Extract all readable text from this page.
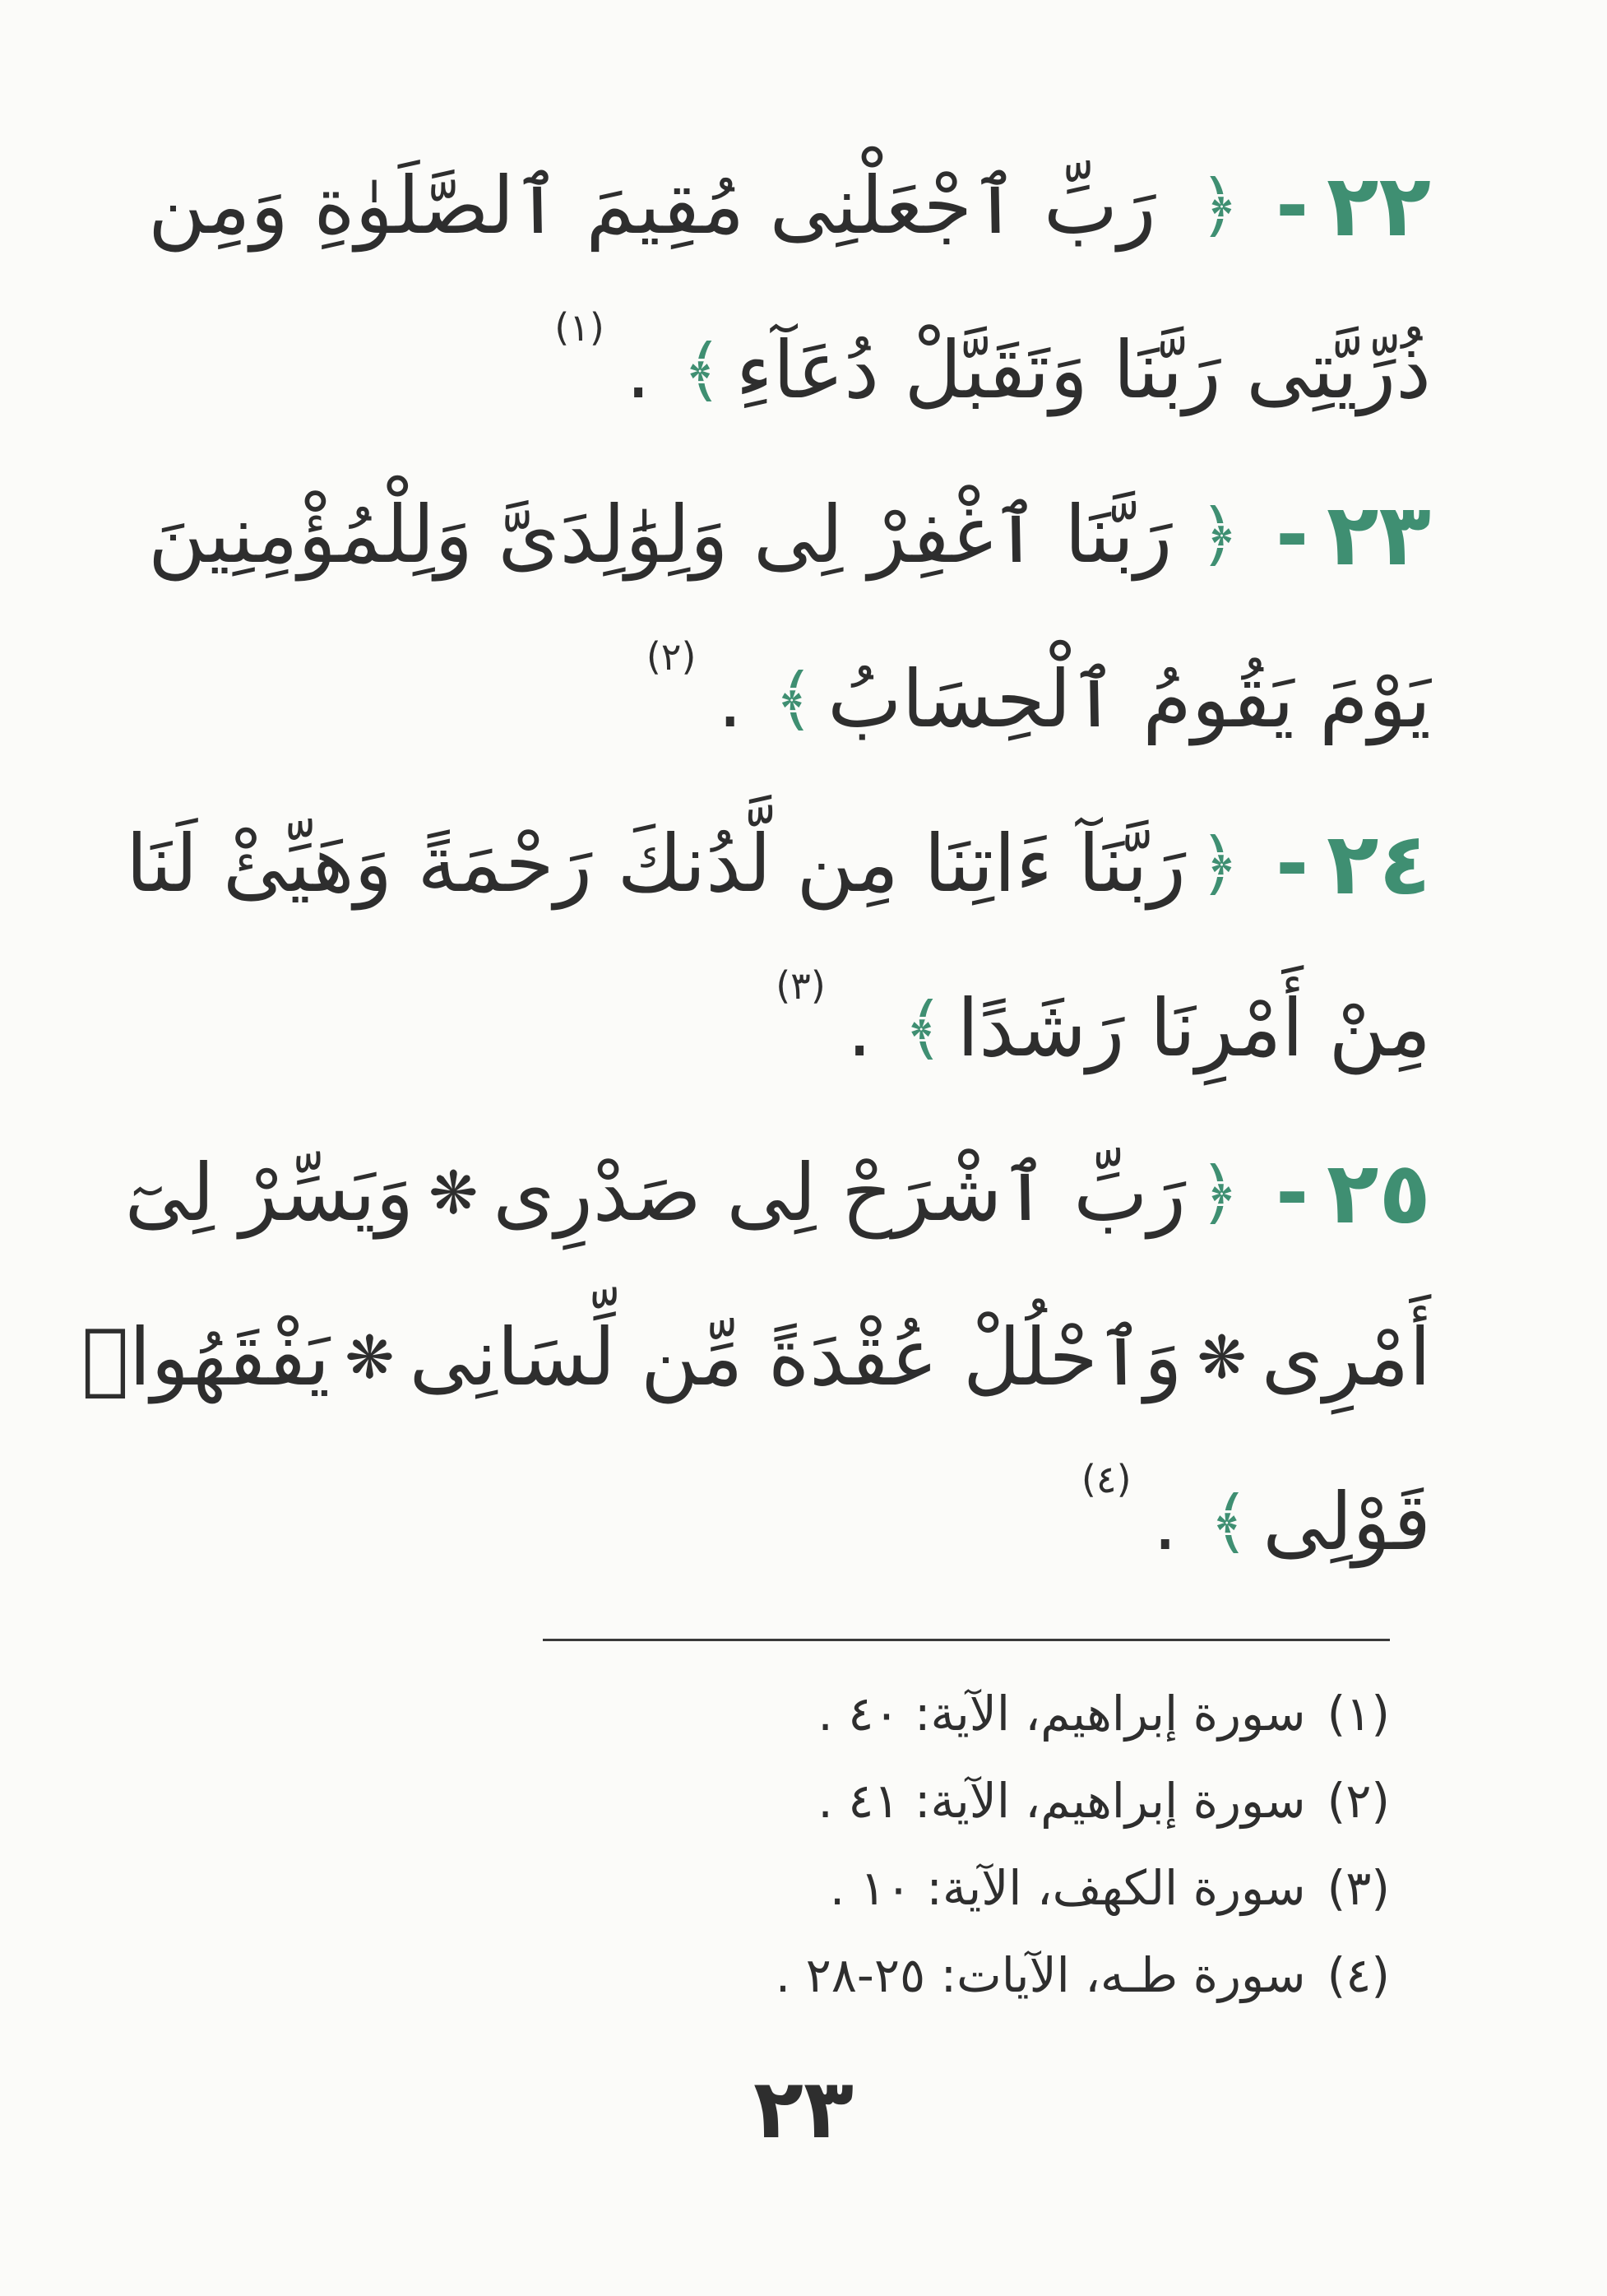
٢٢
-
﴿
رَبِّ ٱجْعَلْنِى مُقِيمَ ٱلصَّلَوٰةِ وَمِن
ذُرِّيَّتِى رَبَّنَا وَتَقَبَّلْ دُعَآءِ
﴾
.
(١)
٢٣
-
﴿
رَبَّنَا ٱغْفِرْ لِى وَلِوَٰلِدَىَّ وَلِلْمُؤْمِنِينَ
يَوْمَ يَقُومُ ٱلْحِسَابُ
﴾
.
(٢)
٢٤
-
﴿
رَبَّنَآ ءَاتِنَا مِن لَّدُنكَ رَحْمَةً وَهَيِّئْ لَنَا
مِنْ أَمْرِنَا رَشَدًا
﴾
.
(٣)
٢٥
-
﴿
رَبِّ ٱشْرَحْ لِى صَدْرِى
❋
وَيَسِّرْ لِىٓ
أَمْرِى
❋
وَٱحْلُلْ عُقْدَةً مِّن لِّسَانِى
❋
يَفْقَهُوا۟
قَوْلِى
﴾
.
(٤)
(١)
سورة إبراهيم، الآية: ٤٠ .
(٢)
سورة إبراهيم، الآية: ٤١ .
(٣)
سورة الكهف، الآية: ١٠ .
(٤)
سورة طـه، الآيات: ٢٥-٢٨ .
٢٣
